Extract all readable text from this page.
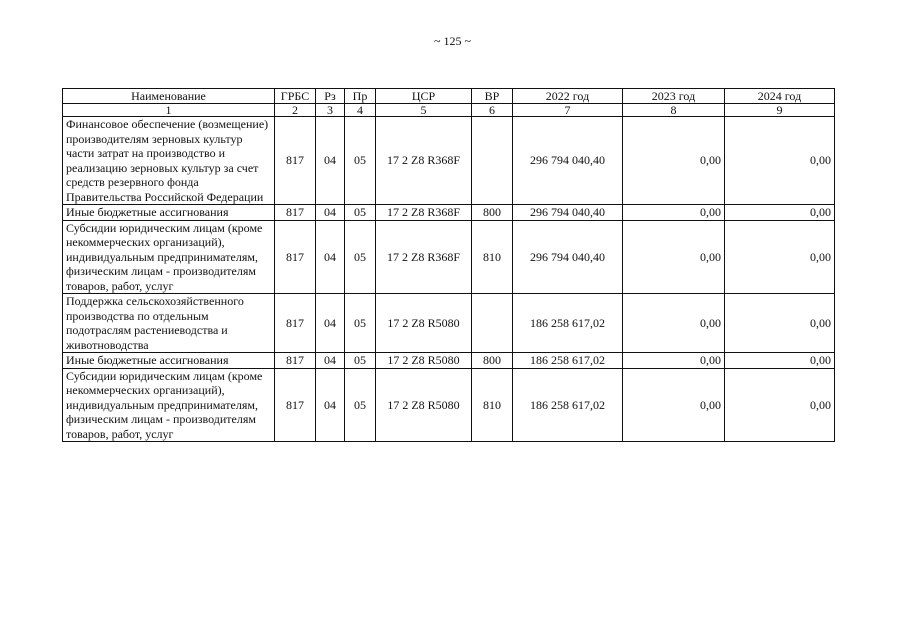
~ 125 ~
Наименование	ГРБС	Рз	Пр	ЦСР	ВР	2022 год	2023 год	2024 год
1	2	3	4	5	6	7	8	9
Финансовое обеспечение (возмещение) производителям зерновых культур части затрат на производство и реализацию зерновых культур за счет средств резервного фонда Правительства Российской Федерации	817	04	05	17 2 Z8 R368F		296 794 040,40	0,00	0,00
Иные бюджетные ассигнования	817	04	05	17 2 Z8 R368F	800	296 794 040,40	0,00	0,00
Субсидии юридическим лицам (кроме некоммерческих организаций), индивидуальным предпринимателям, физическим лицам - производителям товаров, работ, услуг	817	04	05	17 2 Z8 R368F	810	296 794 040,40	0,00	0,00
Поддержка сельскохозяйственного производства по отдельным подотраслям растениеводства и животноводства	817	04	05	17 2 Z8 R5080		186 258 617,02	0,00	0,00
Иные бюджетные ассигнования	817	04	05	17 2 Z8 R5080	800	186 258 617,02	0,00	0,00
Субсидии юридическим лицам (кроме некоммерческих организаций), индивидуальным предпринимателям, физическим лицам - производителям товаров, работ, услуг	817	04	05	17 2 Z8 R5080	810	186 258 617,02	0,00	0,00
